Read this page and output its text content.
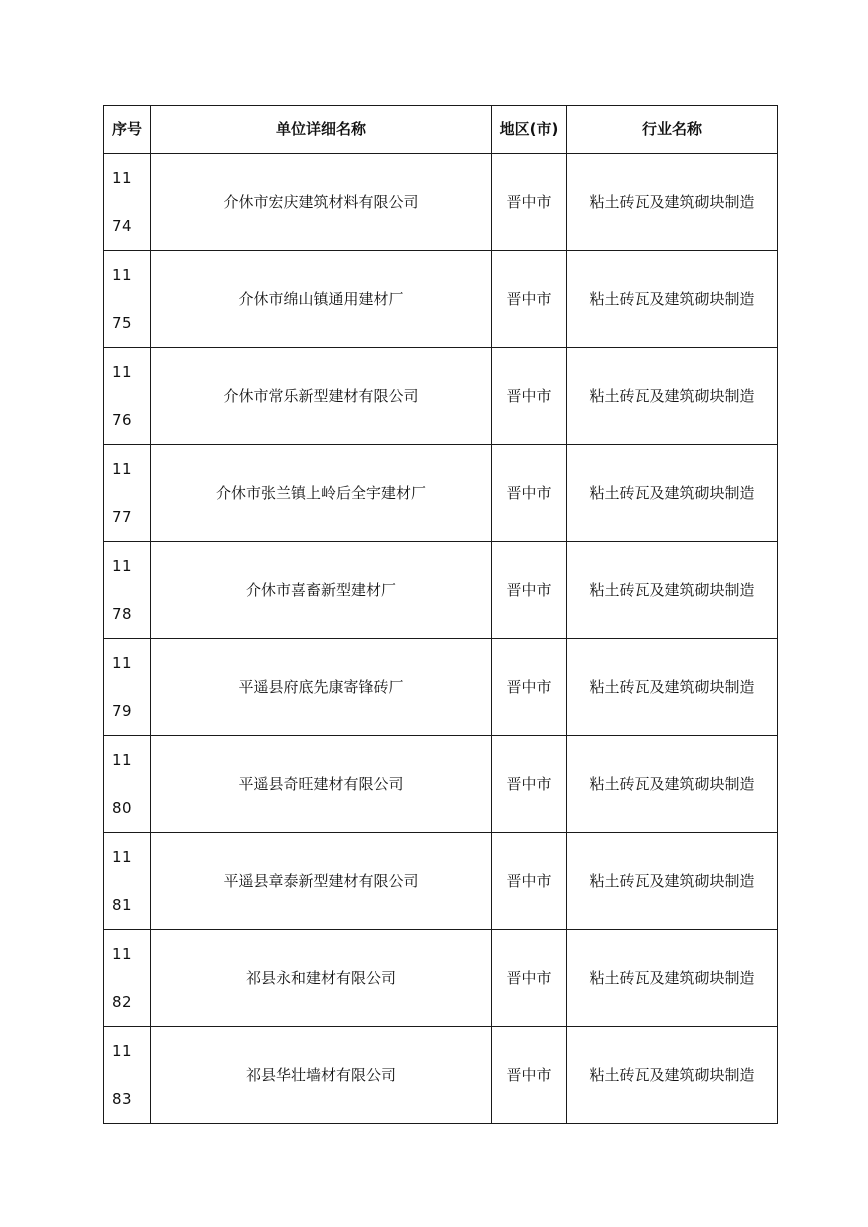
序号	单位详细名称	地区(市)	行业名称

1174	介休市宏庆建筑材料有限公司	晋中市	粘土砖瓦及建筑砌块制造

1175	介休市绵山镇通用建材厂	晋中市	粘土砖瓦及建筑砌块制造

1176	介休市常乐新型建材有限公司	晋中市	粘土砖瓦及建筑砌块制造

1177	介休市张兰镇上岭后全宇建材厂	晋中市	粘土砖瓦及建筑砌块制造

1178	介休市喜畜新型建材厂	晋中市	粘土砖瓦及建筑砌块制造

1179	平遥县府底先康寄锋砖厂	晋中市	粘土砖瓦及建筑砌块制造

1180	平遥县奇旺建材有限公司	晋中市	粘土砖瓦及建筑砌块制造

1181	平遥县章泰新型建材有限公司	晋中市	粘土砖瓦及建筑砌块制造

1182	祁县永和建材有限公司	晋中市	粘土砖瓦及建筑砌块制造

1183	祁县华壮墙材有限公司	晋中市	粘土砖瓦及建筑砌块制造
